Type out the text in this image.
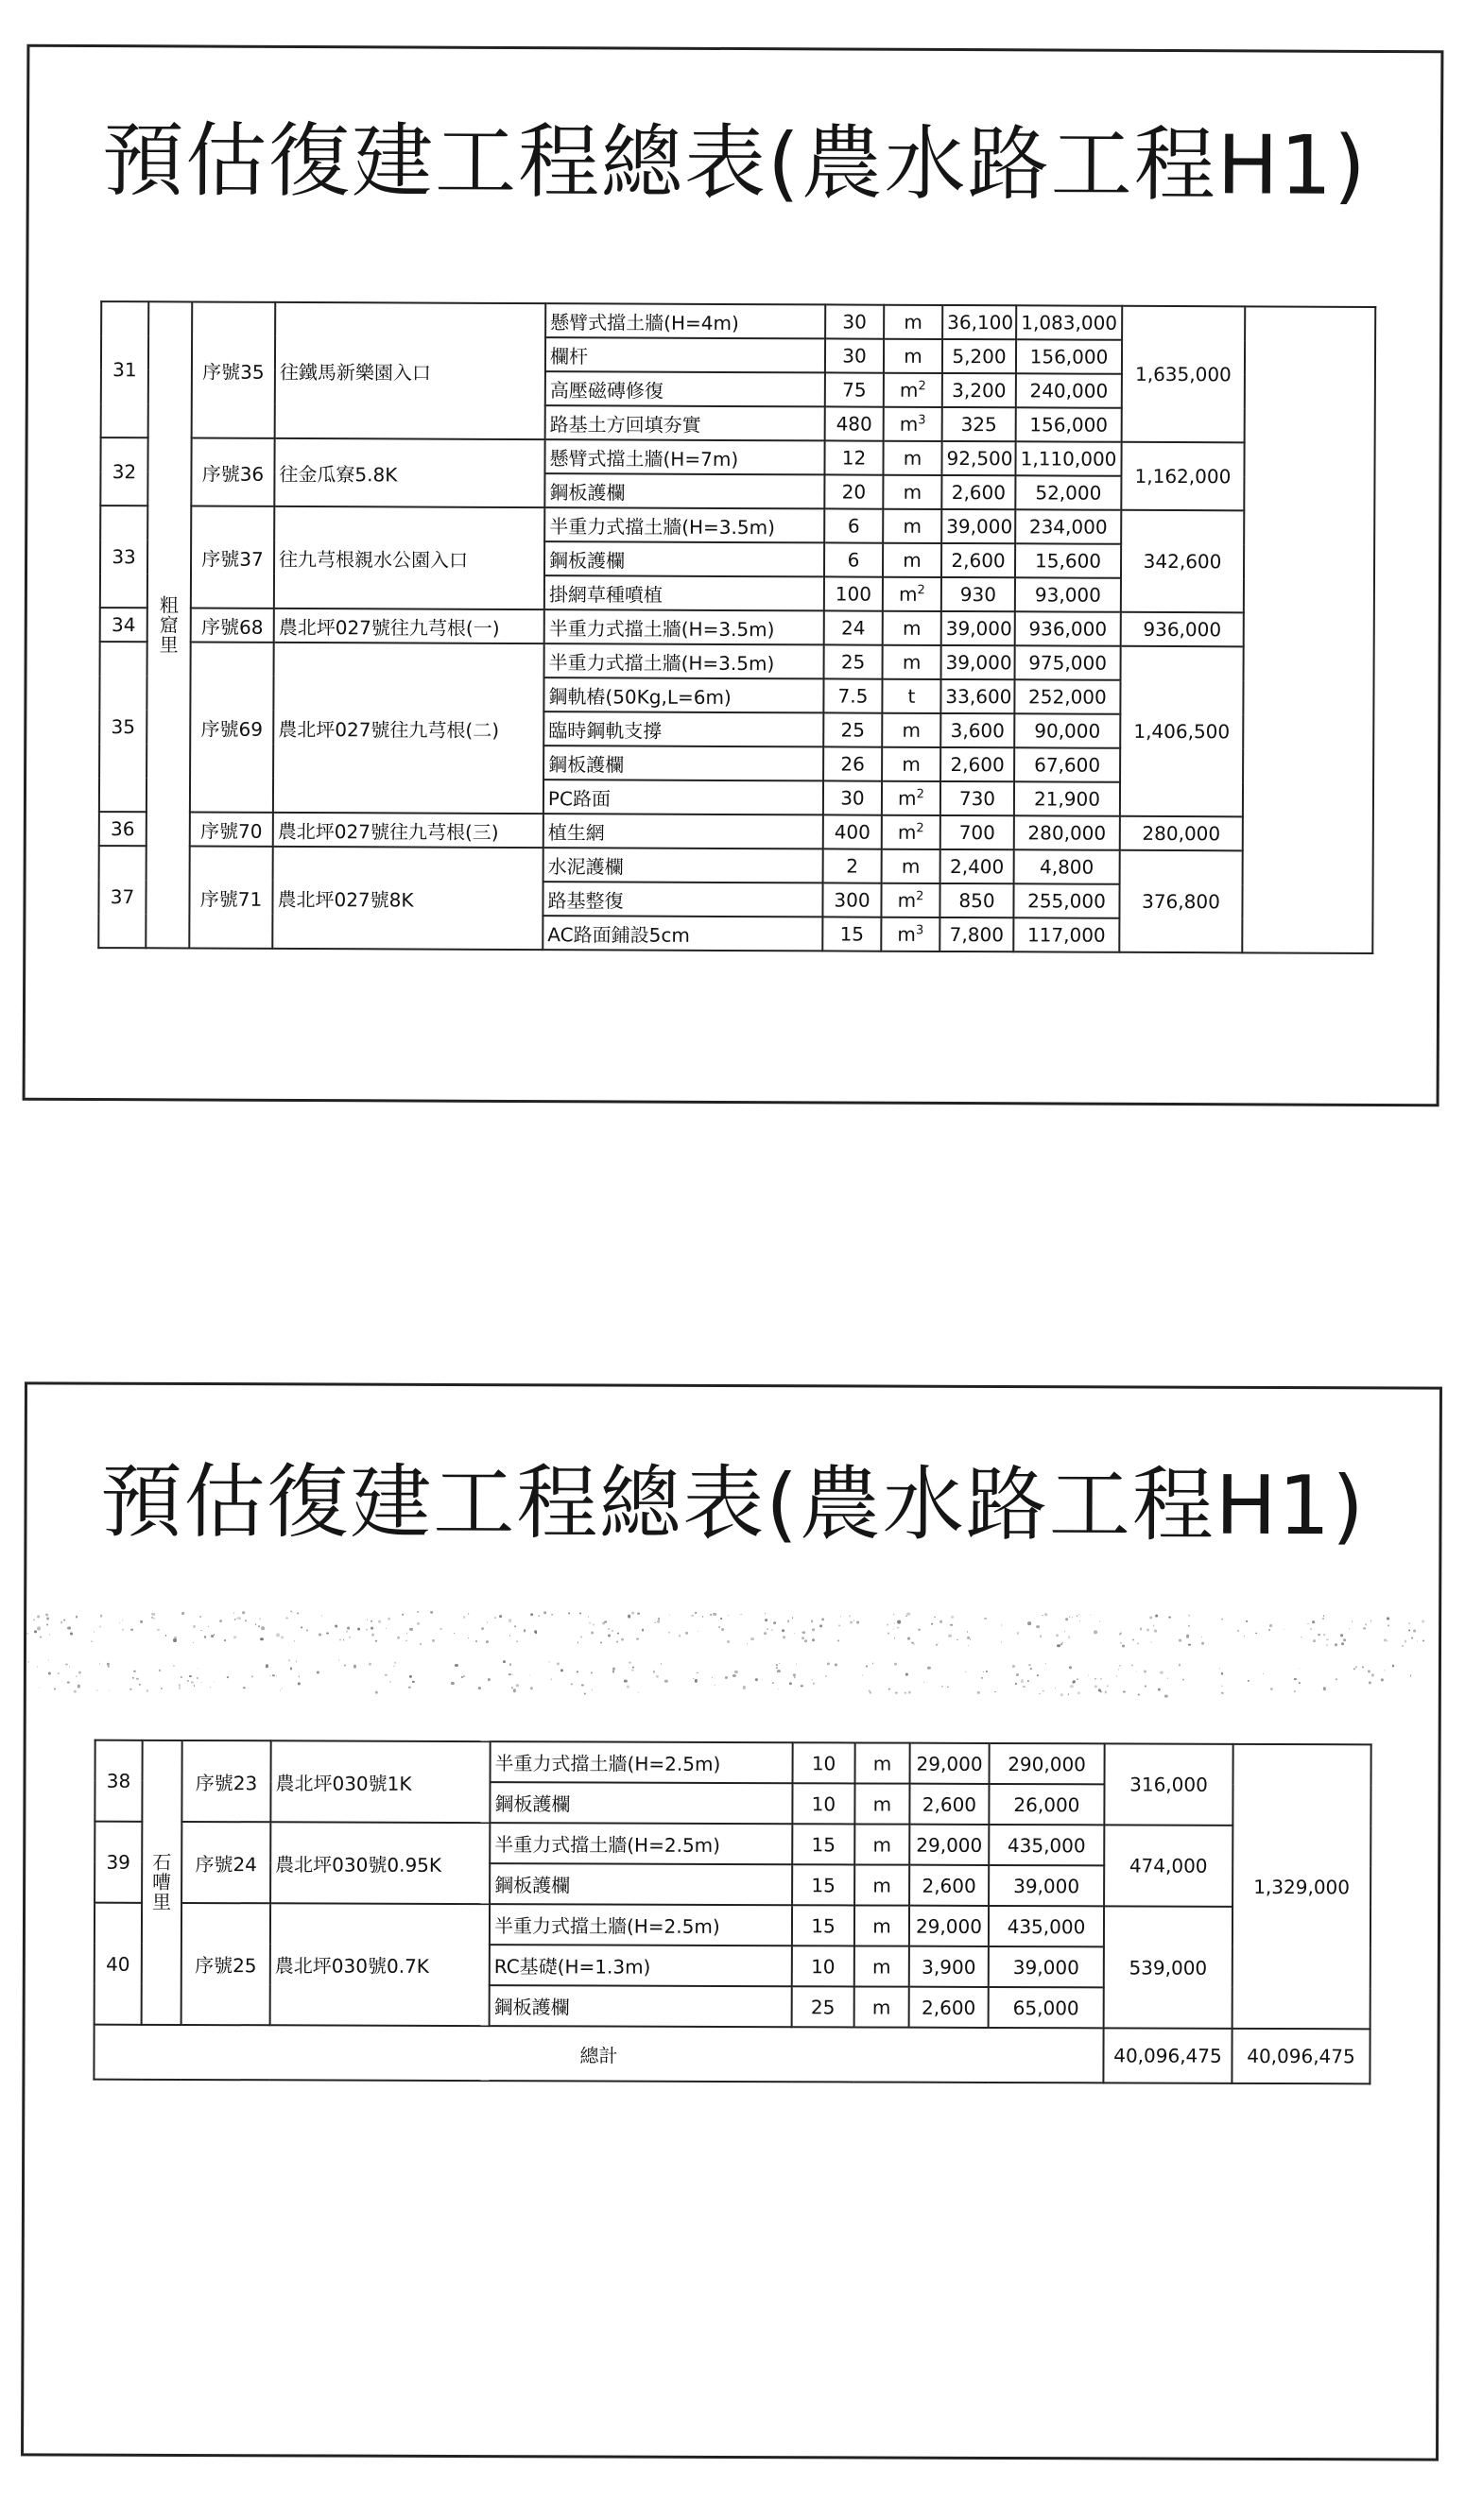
預估復建工程總表(農水路工程H1)
31	粗窟里	序號35	往鐵馬新樂園入口	懸臂式擋土牆(H=4m)	30	m	36,100	1,083,000	1,635,000	
				欄杆	30	m	5,200	156,000		
				高壓磁磚修復	75	$m^2$	3,200	240,000		
				路基土方回填夯實	480	$m^3$	325	156,000		
32		序號36	往金瓜寮5.8K	懸臂式擋土牆(H=7m)	12	m	92,500	1,110,000	1,162,000	
				鋼板護欄	20	m	2,600	52,000		
33		序號37	往九芎根親水公園入口	半重力式擋土牆(H=3.5m)	6	m	39,000	234,000	342,600	
				鋼板護欄	6	m	2,600	15,600		
				掛網草種噴植	100	$m^2$	930	93,000		
34		序號68	農北坪027號往九芎根(一)	半重力式擋土牆(H=3.5m)	24	m	39,000	936,000	936,000	
35		序號69	農北坪027號往九芎根(二)	半重力式擋土牆(H=3.5m)	25	m	39,000	975,000	1,406,500	
				鋼軌樁(50Kg,L=6m)	7.5	t	33,600	252,000		
				臨時鋼軌支撐	25	m	3,600	90,000		
				鋼板護欄	26	m	2,600	67,600		
				PC路面	30	$m^2$	730	21,900		
36		序號70	農北坪027號往九芎根(三)	植生網	400	$m^2$	700	280,000	280,000	
37		序號71	農北坪027號8K	水泥護欄	2	m	2,400	4,800	376,800	
				路基整復	300	$m^2$	850	255,000		
				AC路面鋪設5cm	15	$m^3$	7,800	117,000		
預估復建工程總表(農水路工程H1)
38	石嘈里	序號23	農北坪030號1K	半重力式擋土牆(H=2.5m)	10	m	29,000	290,000	316,000	1,329,000
				鋼板護欄	10	m	2,600	26,000		
39		序號24	農北坪030號0.95K	半重力式擋土牆(H=2.5m)	15	m	29,000	435,000	474,000	
				鋼板護欄	15	m	2,600	39,000		
40		序號25	農北坪030號0.7K	半重力式擋土牆(H=2.5m)	15	m	29,000	435,000	539,000	
				RC基礎(H=1.3m)	10	m	3,900	39,000		
				鋼板護欄	25	m	2,600	65,000		
總計									40,096,475	40,096,475
